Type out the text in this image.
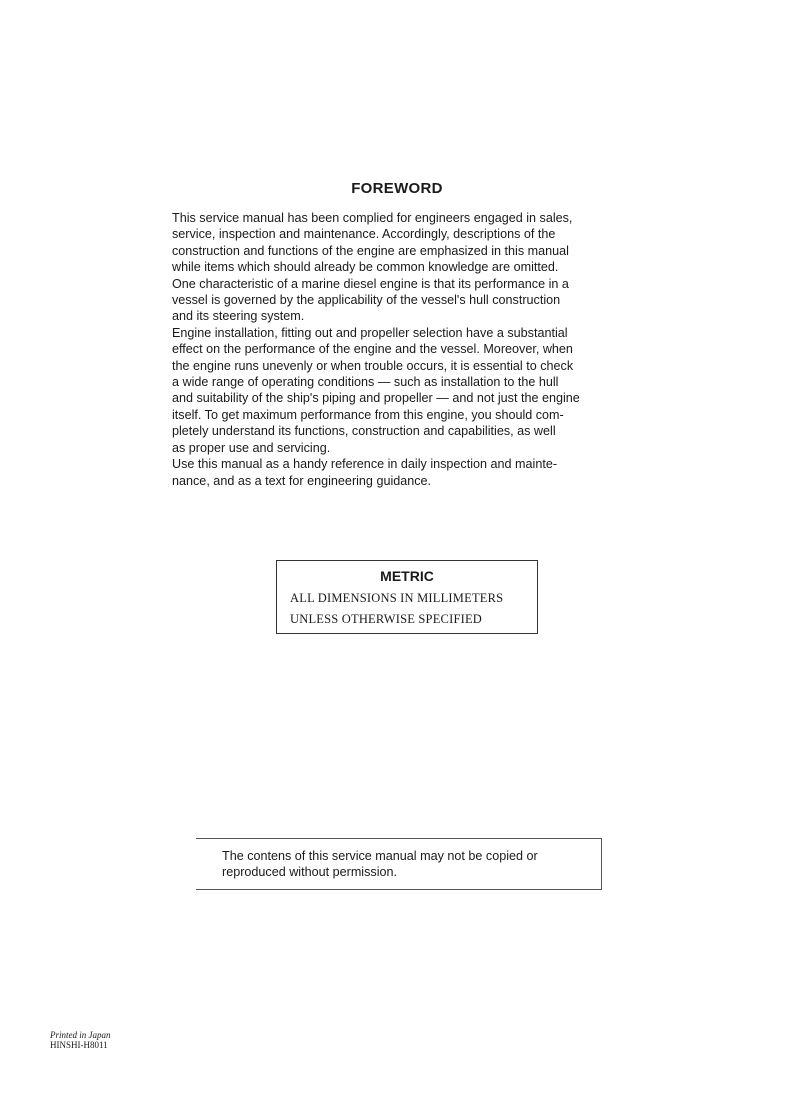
FOREWORD
This service manual has been complied for engineers engaged in sales,
service, inspection and maintenance. Accordingly, descriptions of the
construction and functions of the engine are emphasized in this manual
while items which should already be common knowledge are omitted.
One characteristic of a marine diesel engine is that its performance in a
vessel is governed by the applicability of the vessel's hull construction
and its steering system.
Engine installation, fitting out and propeller selection have a substantial
effect on the performance of the engine and the vessel. Moreover, when
the engine runs unevenly or when trouble occurs, it is essential to check
a wide range of operating conditions — such as installation to the hull
and suitability of the ship's piping and propeller — and not just the engine
itself. To get maximum performance from this engine, you should com-
pletely understand its functions, construction and capabilities, as well
as proper use and servicing.
Use this manual as a handy reference in daily inspection and mainte-
nance, and as a text for engineering guidance.
METRIC
ALL DIMENSIONS IN MILLIMETERS
UNLESS OTHERWISE SPECIFIED
The contens of this service manual may not be copied or
reproduced without permission.
Printed in Japan
HINSHI-H8011
